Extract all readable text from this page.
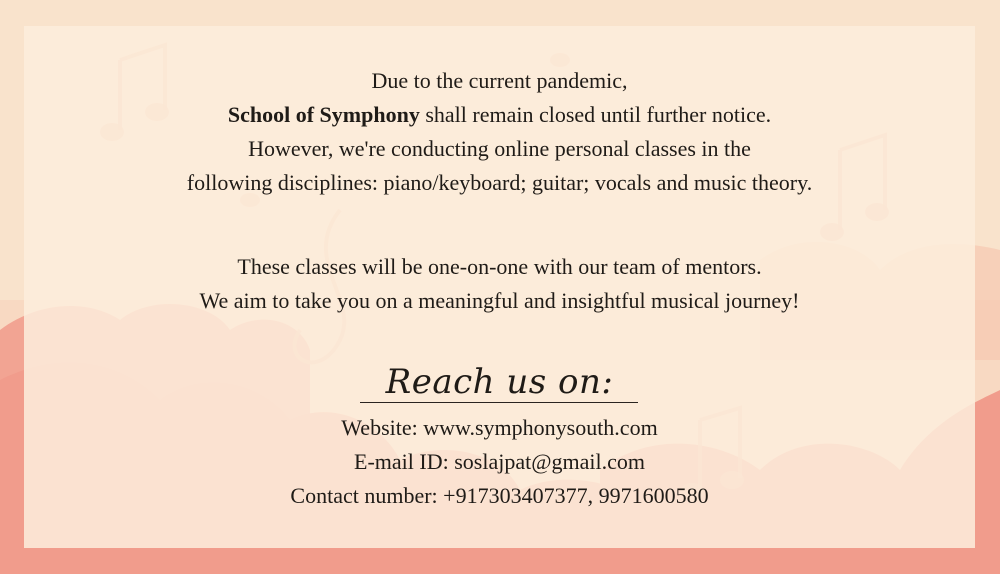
Due to the current pandemic,
School of Symphony shall remain closed until further notice.
However, we're conducting online personal classes in the
following disciplines: piano/keyboard; guitar; vocals and music theory.
These classes will be one-on-one with our team of mentors.
We aim to take you on a meaningful and insightful musical journey!
Reach us on:
Website: www.symphonysouth.com
E-mail ID: soslajpat@gmail.com
Contact number: +917303407377, 9971600580
